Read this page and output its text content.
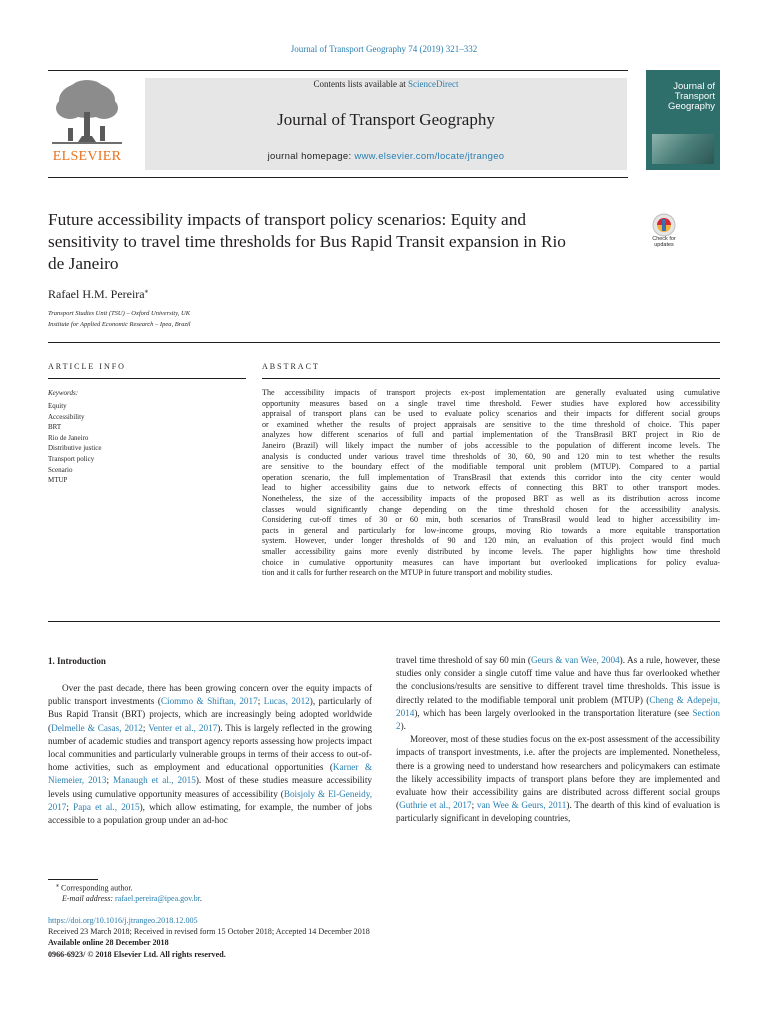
Journal of Transport Geography 74 (2019) 321–332
Contents lists available at ScienceDirect
Journal of Transport Geography
journal homepage: www.elsevier.com/locate/jtrangeo
ELSEVIER
Journal of Transport Geography
Future accessibility impacts of transport policy scenarios: Equity and
sensitivity to travel time thresholds for Bus Rapid Transit expansion in Rio
de Janeiro
Check for updates
Rafael H.M. Pereira⁎
Transport Studies Unit (TSU) – Oxford University, UK
Institute for Applied Economic Research – Ipea, Brazil
ARTICLE INFO
Keywords:
Equity
Accessibility
BRT
Rio de Janeiro
Distributive justice
Transport policy
Scenario
MTUP
ABSTRACT
The accessibility impacts of transport projects ex-post implementation are generally evaluated using cumulative
opportunity measures based on a single travel time threshold. Fewer studies have explored how accessibility
appraisal of transport plans can be used to evaluate policy scenarios and their impacts for different social groups
or examined whether the results of project appraisals are sensitive to the time threshold of choice. This paper
analyzes how different scenarios of full and partial implementation of the TransBrasil BRT project in Rio de
Janeiro (Brazil) will likely impact the number of jobs accessible to the population of different income levels. The
analysis is conducted under various travel time thresholds of 30, 60, 90 and 120 min to test whether the results
are sensitive to the boundary effect of the modifiable temporal unit problem (MTUP). Compared to a partial
operation scenario, the full implementation of TransBrasil that extends this corridor into the city center would
lead to higher accessibility gains due to network effects of connecting this BRT to other transport modes.
Nonetheless, the size of the accessibility impacts of the proposed BRT as well as its distribution across income
classes would significantly change depending on the time threshold chosen for the accessibility analysis.
Considering cut-off times of 30 or 60 min, both scenarios of TransBrasil would lead to higher accessibility im-
pacts in general and particularly for low-income groups, moving Rio towards a more equitable transportation
system. However, under longer thresholds of 90 and 120 min, an evaluation of this project would find much
smaller accessibility gains more evenly distributed by income levels. The paper highlights how time threshold
choice in cumulative opportunity measures can have important but overlooked implications for policy evalua-
tion and it calls for further research on the MTUP in future transport and mobility studies.
1. Introduction

Over the past decade, there has been growing concern over the equity impacts of public transport investments (Ciommo & Shiftan, 2017; Lucas, 2012), particularly of Bus Rapid Transit (BRT) projects, which are increasingly being adopted worldwide (Delmelle & Casas, 2012; Venter et al., 2017). This is largely reflected in the growing number of academic studies and transport agency reports assessing how projects impact local communities and particularly vulnerable groups in terms of their access to out-of-home activities, such as employment and educational opportunities (Karner & Niemeier, 2013; Manaugh et al., 2015). Most of these studies measure accessibility levels using cumulative opportunity measures of accessibility (Boisjoly & El-Geneidy, 2017; Papa et al., 2015), which allow estimating, for example, the number of jobs accessible to a population group under an ad-hoc

travel time threshold of say 60 min (Geurs & van Wee, 2004). As a rule, however, these studies only consider a single cutoff time value and have thus far overlooked whether the conclusions/results are sensitive to different travel time thresholds. This issue is directly related to the modifiable temporal unit problem (MTUP) (Cheng & Adepeju, 2014), which has been largely overlooked in the transportation literature (see Section 2).

Moreover, most of these studies focus on the ex-post assessment of the accessibility impacts of transport investments, i.e. after the projects are implemented. Nonetheless, there is a growing need to understand how researchers and policymakers can estimate the likely accessibility impacts of transport plans before they are implemented and evaluate how their accessibility gains are distributed across different social groups (Guthrie et al., 2017; van Wee & Geurs, 2011). The dearth of this kind of evaluation is particularly significant in developing countries,

⁎ Corresponding author.
E-mail address: rafael.pereira@ipea.gov.br.
https://doi.org/10.1016/j.jtrangeo.2018.12.005
Received 23 March 2018; Received in revised form 15 October 2018; Accepted 14 December 2018
Available online 28 December 2018
0966-6923/ © 2018 Elsevier Ltd. All rights reserved.
